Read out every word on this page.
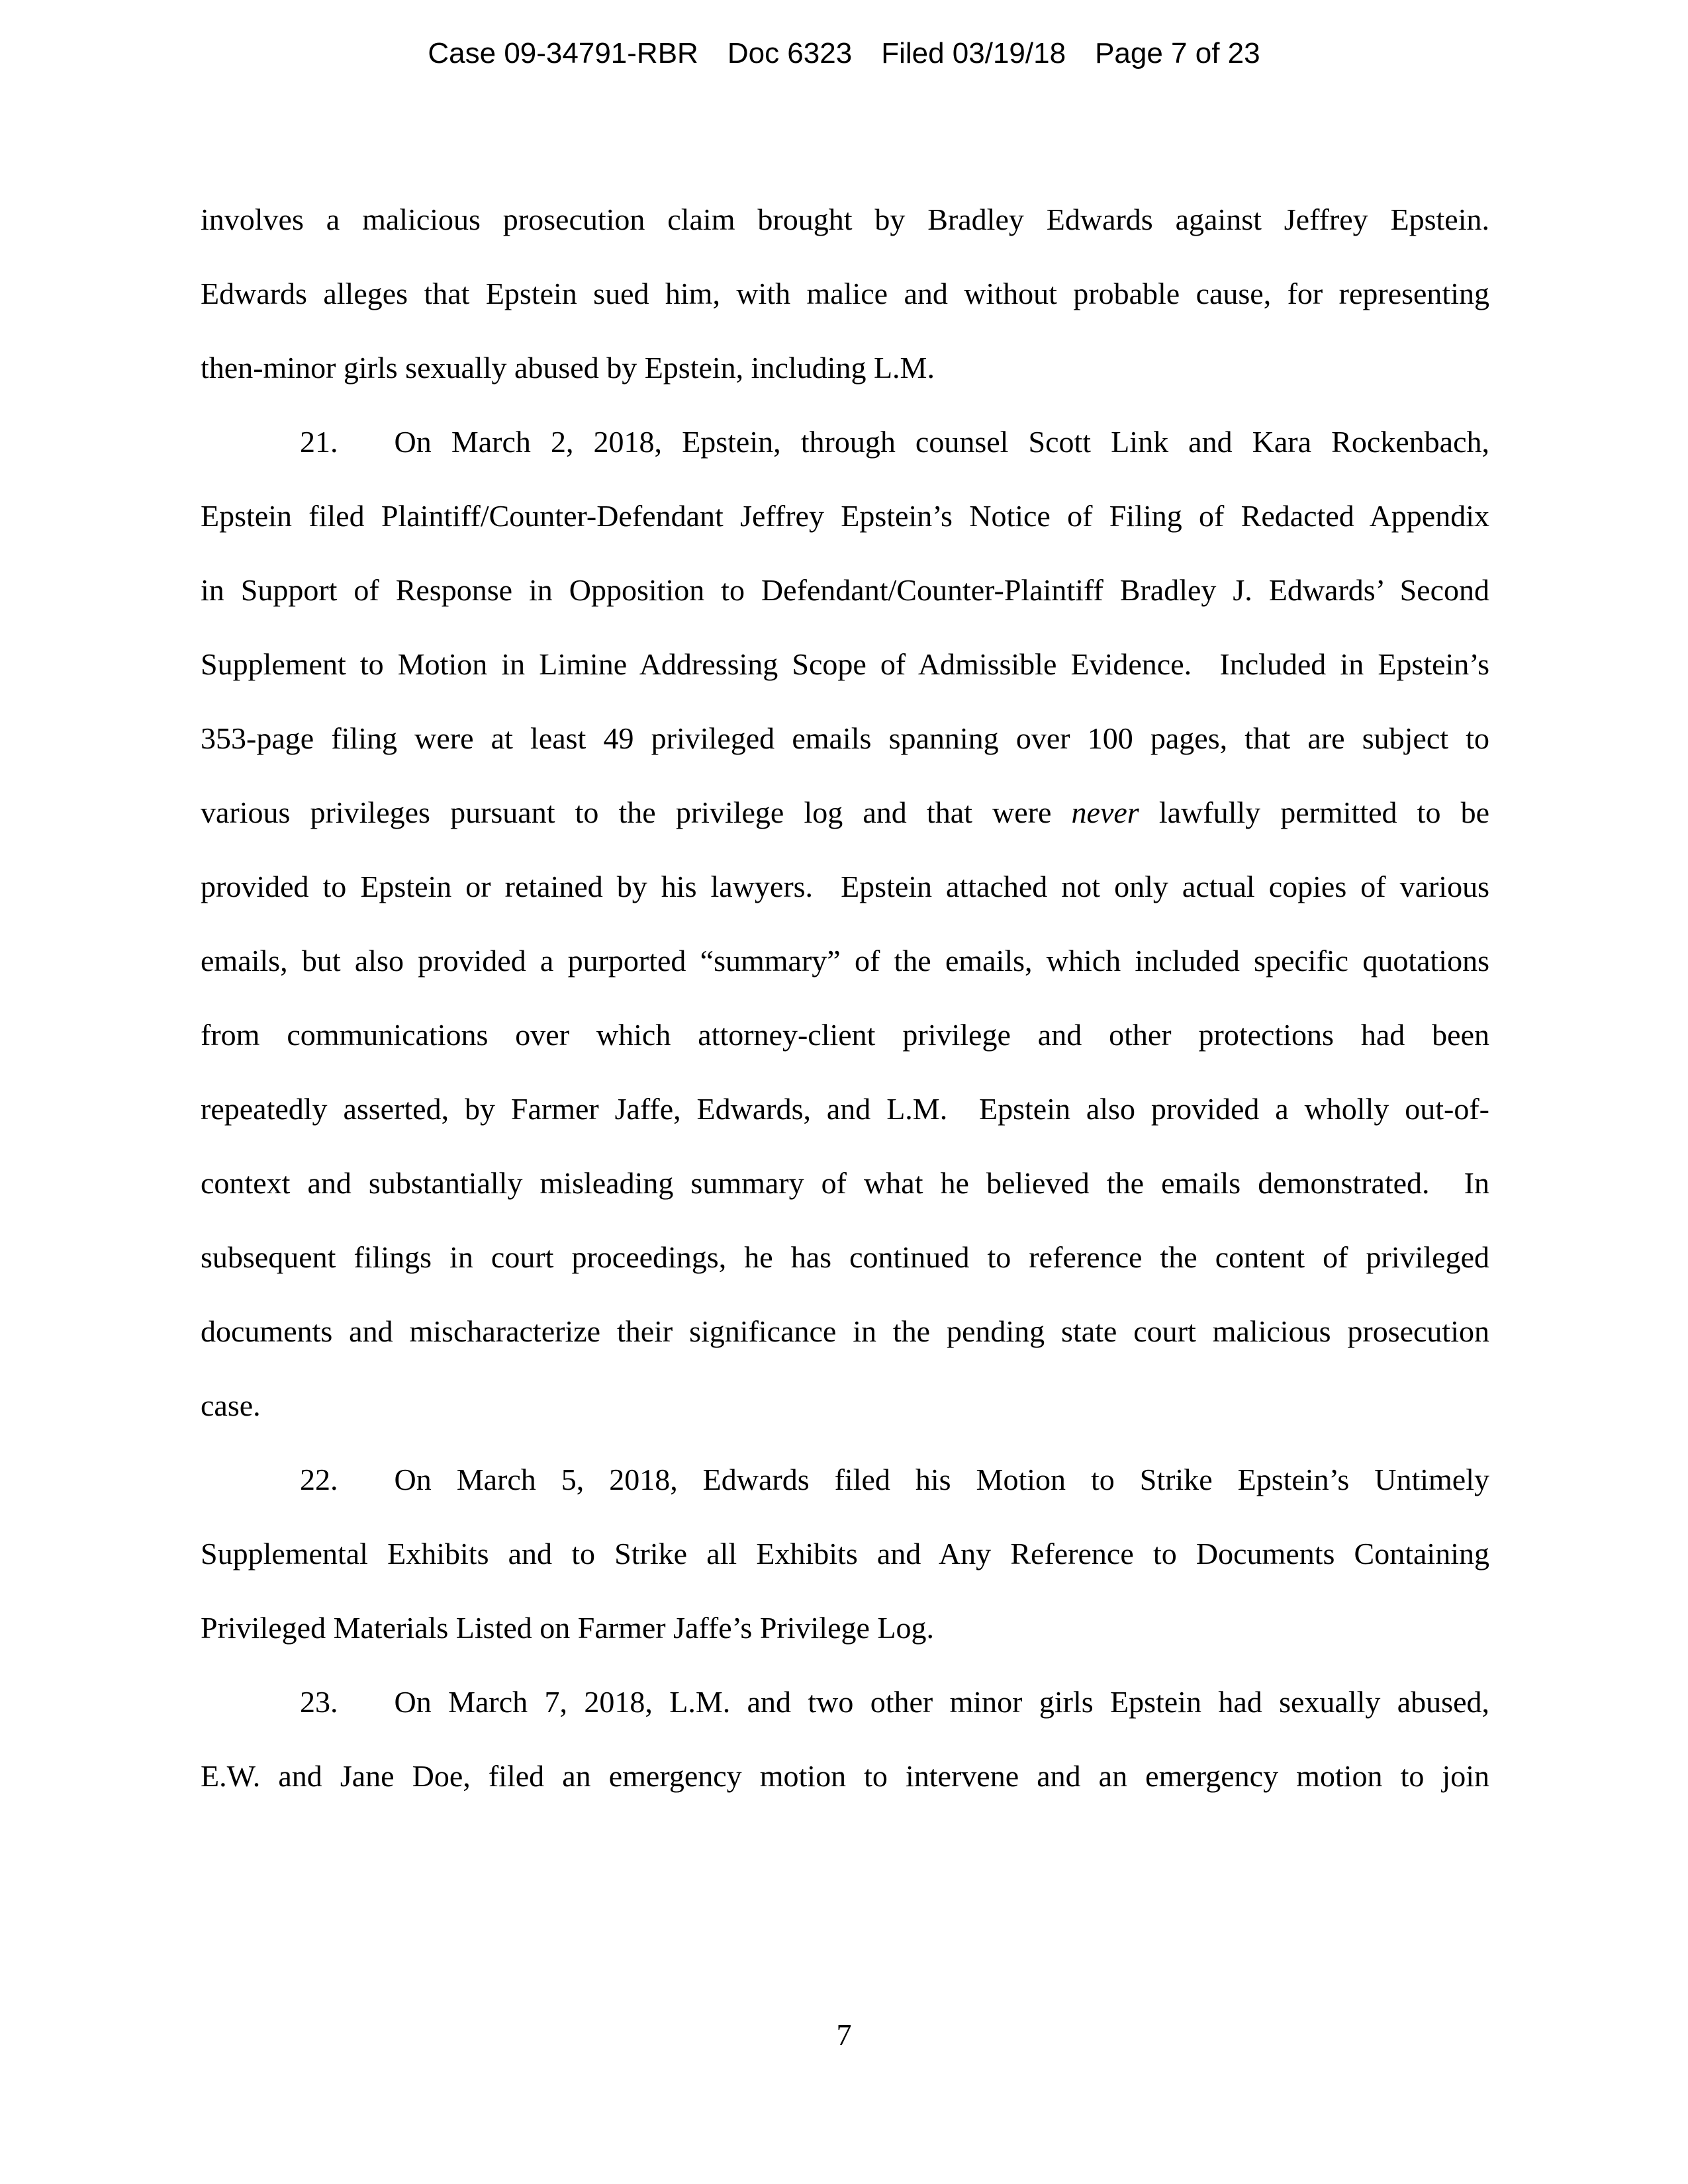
Case 09-34791-RBR Doc 6323 Filed 03/19/18 Page 7 of 23
involves a malicious prosecution claim brought by Bradley Edwards against Jeffrey Epstein.
Edwards alleges that Epstein sued him, with malice and without probable cause, for representing
then-minor girls sexually abused by Epstein, including L.M.
21. On March 2, 2018, Epstein, through counsel Scott Link and Kara Rockenbach,
Epstein filed Plaintiff/Counter-Defendant Jeffrey Epstein’s Notice of Filing of Redacted Appendix
in Support of Response in Opposition to Defendant/Counter-Plaintiff Bradley J. Edwards’ Second
Supplement to Motion in Limine Addressing Scope of Admissible Evidence.  Included in Epstein’s
353-page filing were at least 49 privileged emails spanning over 100 pages, that are subject to
various privileges pursuant to the privilege log and that were never lawfully permitted to be
provided to Epstein or retained by his lawyers.  Epstein attached not only actual copies of various
emails, but also provided a purported “summary” of the emails, which included specific quotations
from communications over which attorney-client privilege and other protections had been
repeatedly asserted, by Farmer Jaffe, Edwards, and L.M.  Epstein also provided a wholly out-of-
context and substantially misleading summary of what he believed the emails demonstrated.  In
subsequent filings in court proceedings, he has continued to reference the content of privileged
documents and mischaracterize their significance in the pending state court malicious prosecution
case.
22. On March 5, 2018, Edwards filed his Motion to Strike Epstein’s Untimely
Supplemental Exhibits and to Strike all Exhibits and Any Reference to Documents Containing
Privileged Materials Listed on Farmer Jaffe’s Privilege Log.
23. On March 7, 2018, L.M. and two other minor girls Epstein had sexually abused,
E.W. and Jane Doe, filed an emergency motion to intervene and an emergency motion to join
7
